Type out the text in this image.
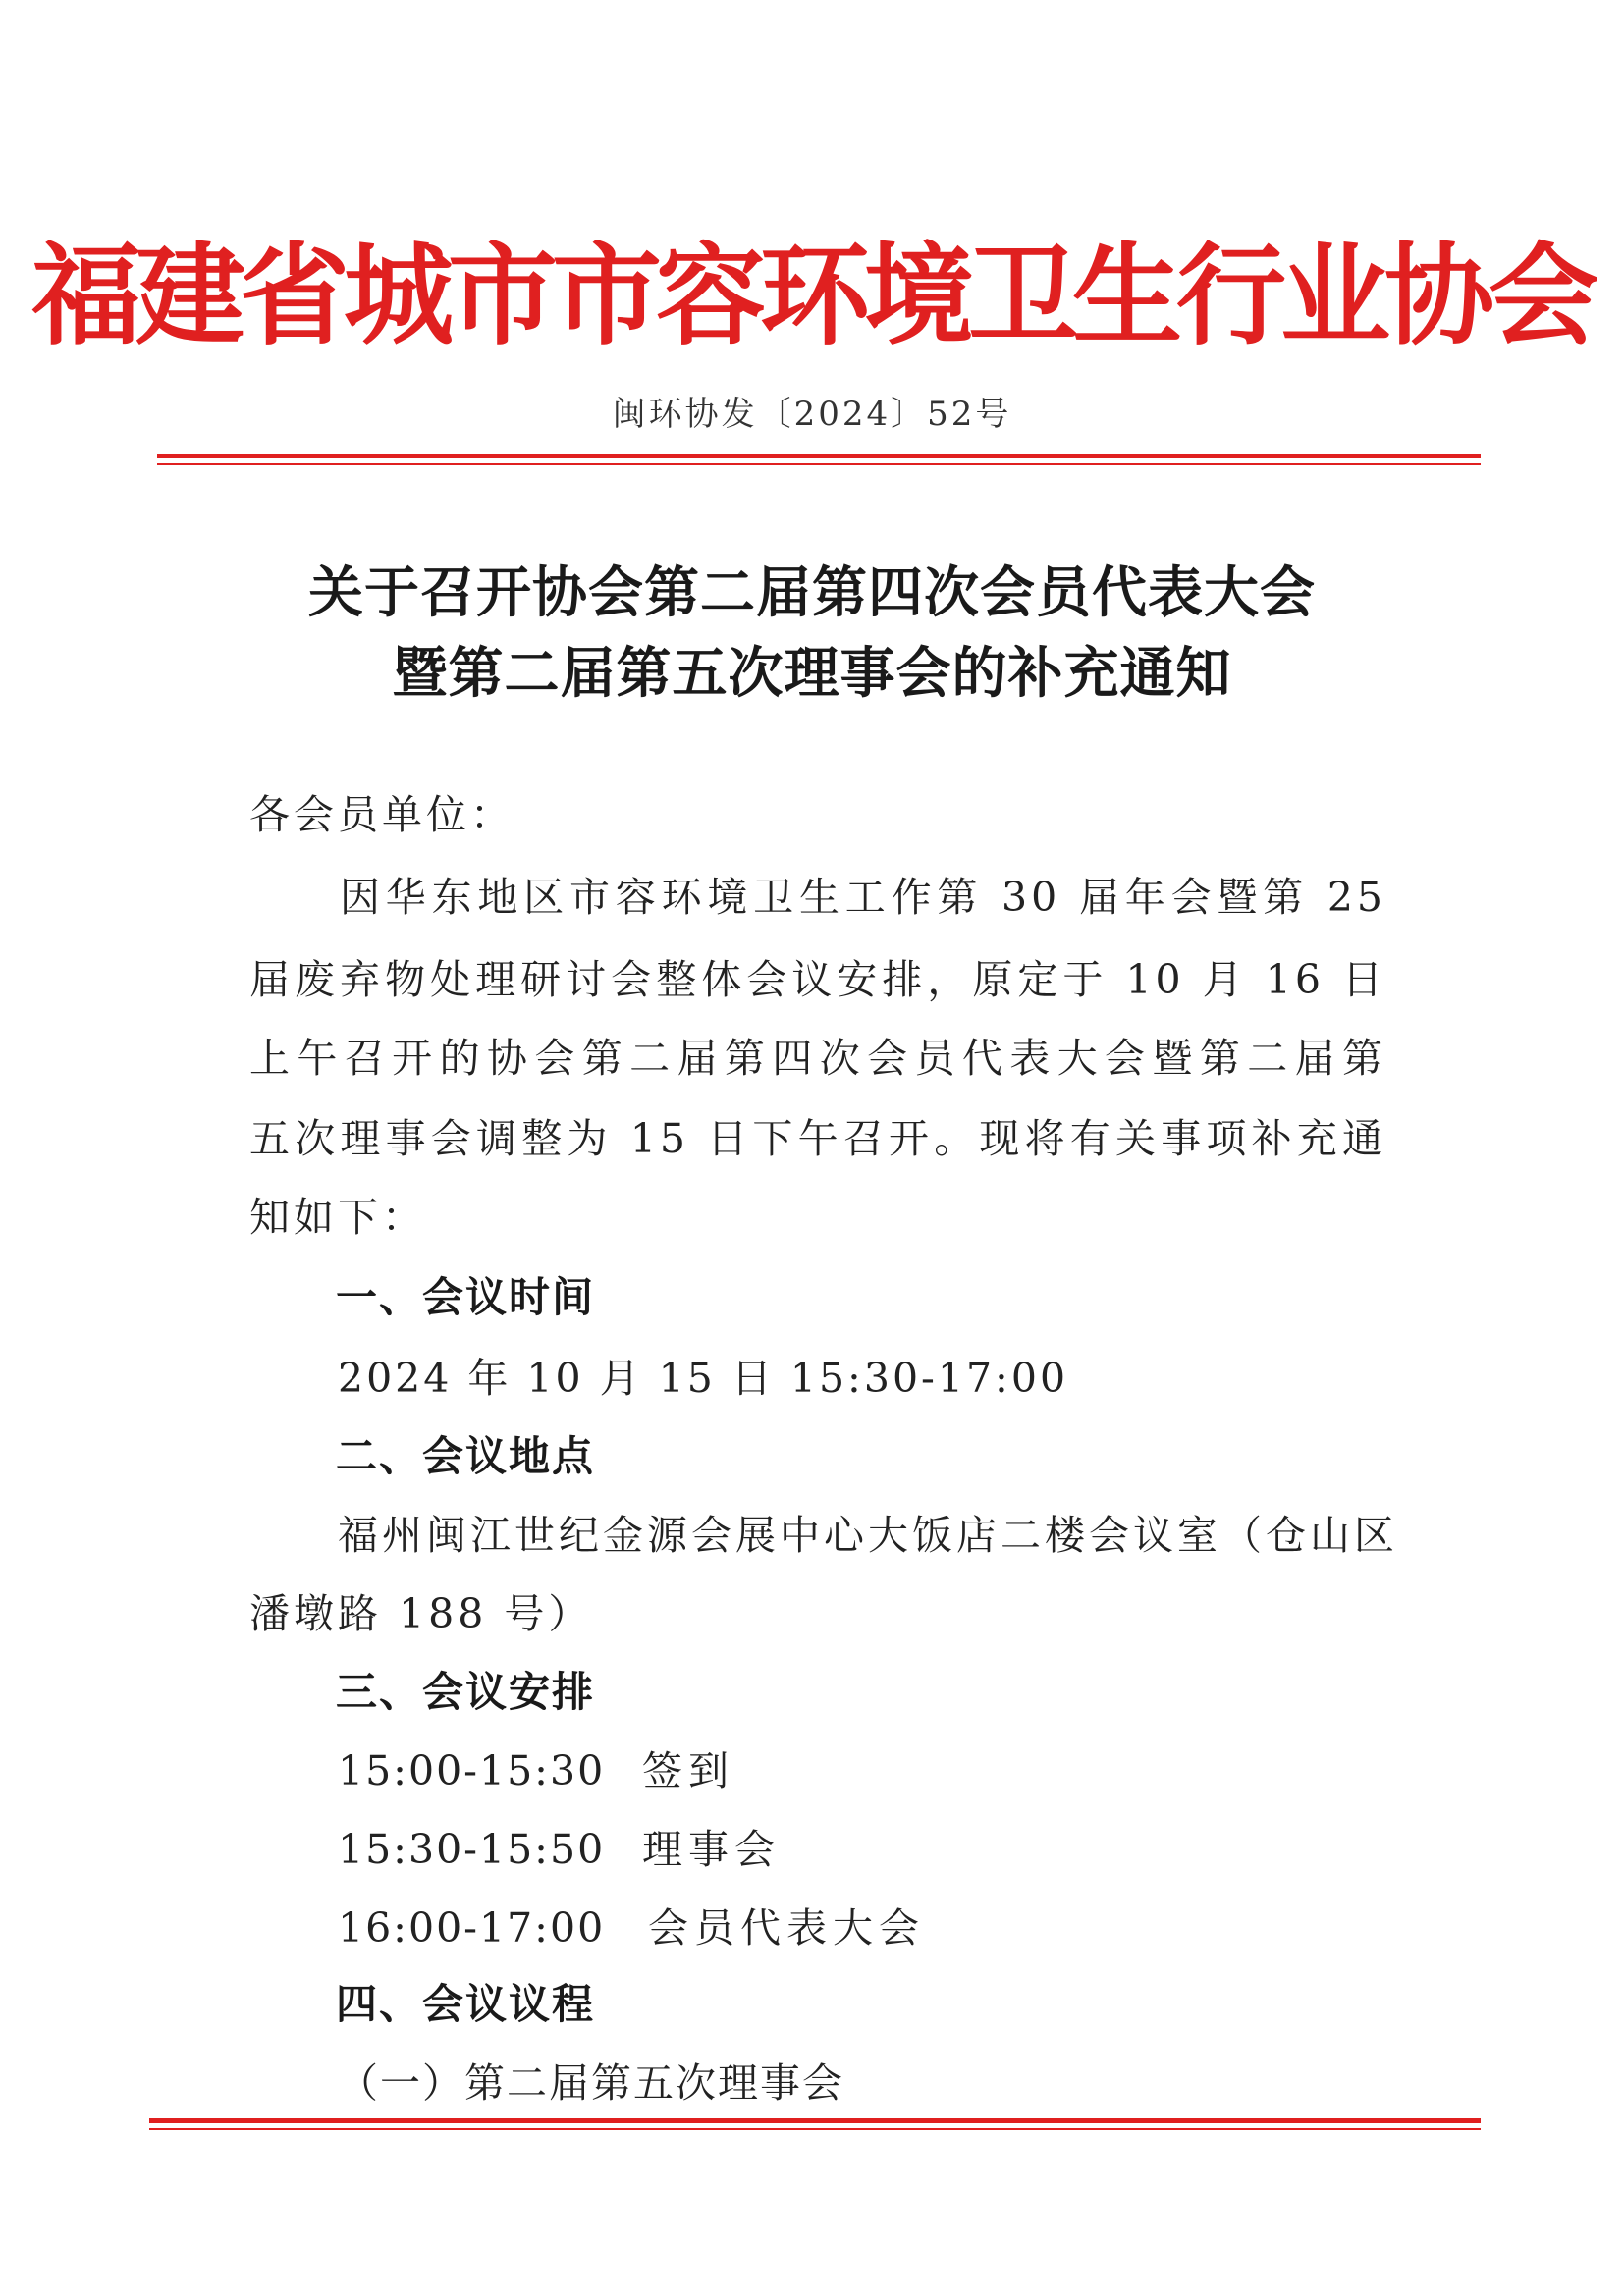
福建省城市市容环境卫生行业协会
闽环协发〔2024〕52号
关于召开协会第二届第四次会员代表大会
暨第二届第五次理事会的补充通知
各会员单位：
因华东地区市容环境卫生工作第 30 届年会暨第 25
届废弃物处理研讨会整体会议安排，原定于 10 月 16 日
上午召开的协会第二届第四次会员代表大会暨第二届第
五次理事会调整为 15 日下午召开。现将有关事项补充通
知如下：
一、会议时间
2024 年 10 月 15 日 15:30-17:00
二、会议地点
福州闽江世纪金源会展中心大饭店二楼会议室（仓山区
潘墩路 188 号）
三、会议安排
15:00-15:30 签到
15:30-15:50 理事会
16:00-17:00 会员代表大会
四、会议议程
（一）第二届第五次理事会
